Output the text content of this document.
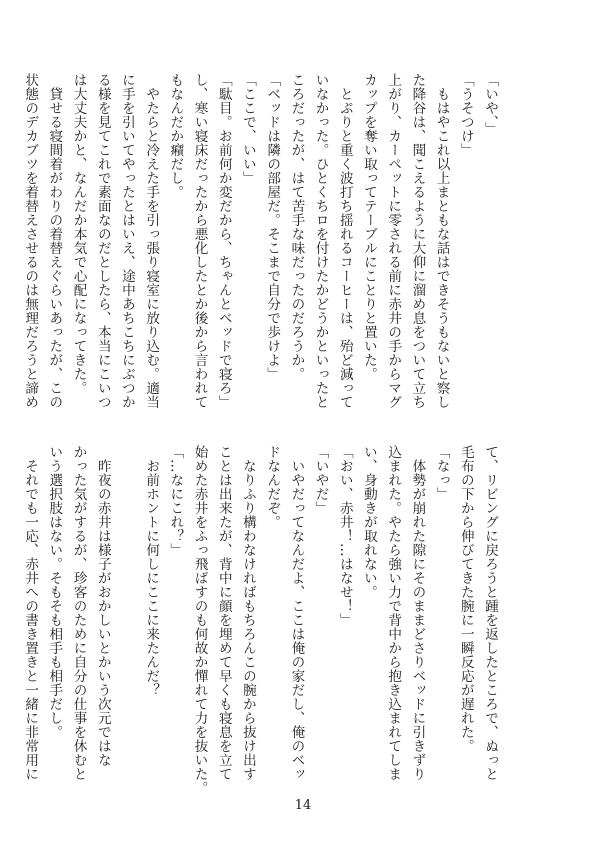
「いや、」
「うそつけ」
　もはやこれ以上まともな話はできそうもないと察し
た降谷は、聞こえるように大仰に溜め息をついて立ち
上がり、カーペットに零される前に赤井の手からマグ
カップを奪い取ってテーブルにことりと置いた。
　とぷりと重く波打ち揺れるコーヒーは、殆ど減って
いなかった。ひとくちロを付けたかどうかといったと
ころだったが、はて苦手な味だったのだろうか。
「ベッドは隣の部屋だ。そこまで自分で歩けよ」
「ここで、いい」
「駄目。お前何か変だから、ちゃんとベッドで寝ろ」
し、寒い寝床だったから悪化したとか後から言われて
もなんだか癪だし。
　やたらと冷えた手を引っ張り寝室に放り込む。適当
に手を引いてやったとはいえ、途中あちこちにぶつか
る様を見てこれで素面なのだとしたら、本当にこいつ
は大丈夫かと、なんだか本気で心配になってきた。
　貸せる寝間着がわりの着替えぐらいあったが、この
状態のデカブツを着替えさせるのは無理だろうと諦め
て、リビングに戻ろうと踵を返したところで、ぬっと
毛布の下から伸びてきた腕に一瞬反応が遅れた。
「なっ」
　体勢が崩れた隙にそのままどさりベッドに引きずり
込まれた。やたら強い力で背中から抱き込まれてしま
い、身動きが取れない。
「おい、赤井！…はなせ！」
「いやだ」
　いやだってなんだよ、ここは俺の家だし、俺のベッ
ドなんだぞ。
　なりふり構わなければもちろんこの腕から抜け出す
ことは出来たが、背中に顔を埋めて早くも寝息を立て
始めた赤井をふっ飛ばすのも何故か憚れて力を抜いた。
「…なにこれ？」
　お前ホントに何しにここに来たんだ？

　昨夜の赤井は様子がおかしいとかいう次元ではな
かった気がするが、珍客のために自分の仕事を休むと
いう選択肢はない。そもそも相手も相手だし。
　それでも一応、赤井への書き置きと一緒に非常用に
14
